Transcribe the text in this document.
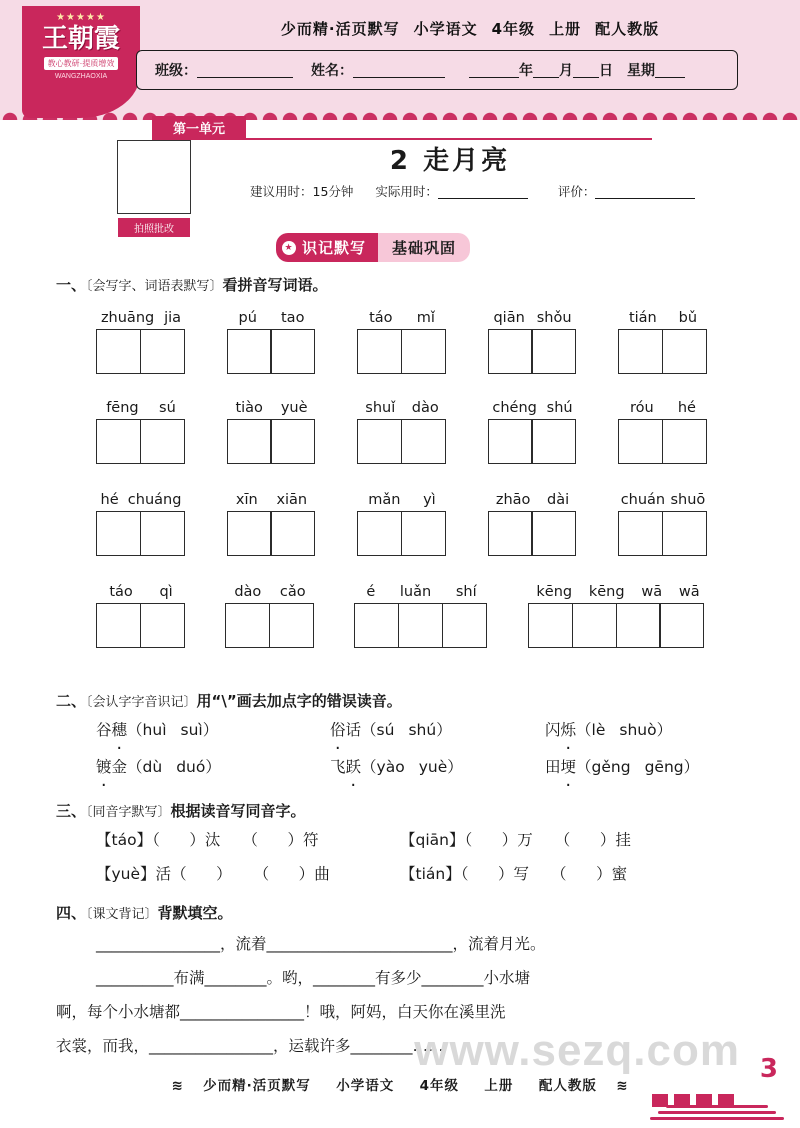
★★★★★
王朝霞
教心教研·提质增效
WANGZHAOXIA
少而精·活页默写 小学语文 4年级 上册 配人教版
班级：	姓名：	年 月 日 星期
第一单元
拍照批改
2 走月亮
建议用时：15分钟 实际用时：	评价：
★ 识记默写	基础巩固
一、〔会写字、词语表默写〕看拼音写词语。
zhuāng jia	pú tao	táo mǐ	qiān shǒu	tián bǔ
fēng sú	tiào yuè	shuǐ dào	chéng shú	róu hé
hé chuáng	xīn xiān	mǎn yì	zhāo dài	chuán shuō
táo qì	dào cǎo	é luǎn shí	kēng kēng wā wā
二、〔会认字字音识记〕用“\”画去加点字的错误读音。
谷穗（huì suì）	俗话（sú shú）	闪烁（lè shuò）
镀金（dù duó）	飞跃（yào yuè）	田埂（gěng gēng）
三、〔同音字默写〕根据读音写同音字。
【táo】（      ）汰 （      ）符	【qiān】（      ）万 （      ）挂
【yuè】活（      ） （      ）曲	【tián】（      ）写 （      ）蜜
四、〔课文背记〕背默填空。
________________，流着________________________，流着月光。
__________布满________。哟，________有多少________小水塘
啊，每个小水塘都________________！哦，阿妈，白天你在溪里洗
衣裳，而我，________________，运载许多________……
≋ 少而精·活页默写 小学语文 4年级 上册 配人教版 ≋
www.sezq.com 3
